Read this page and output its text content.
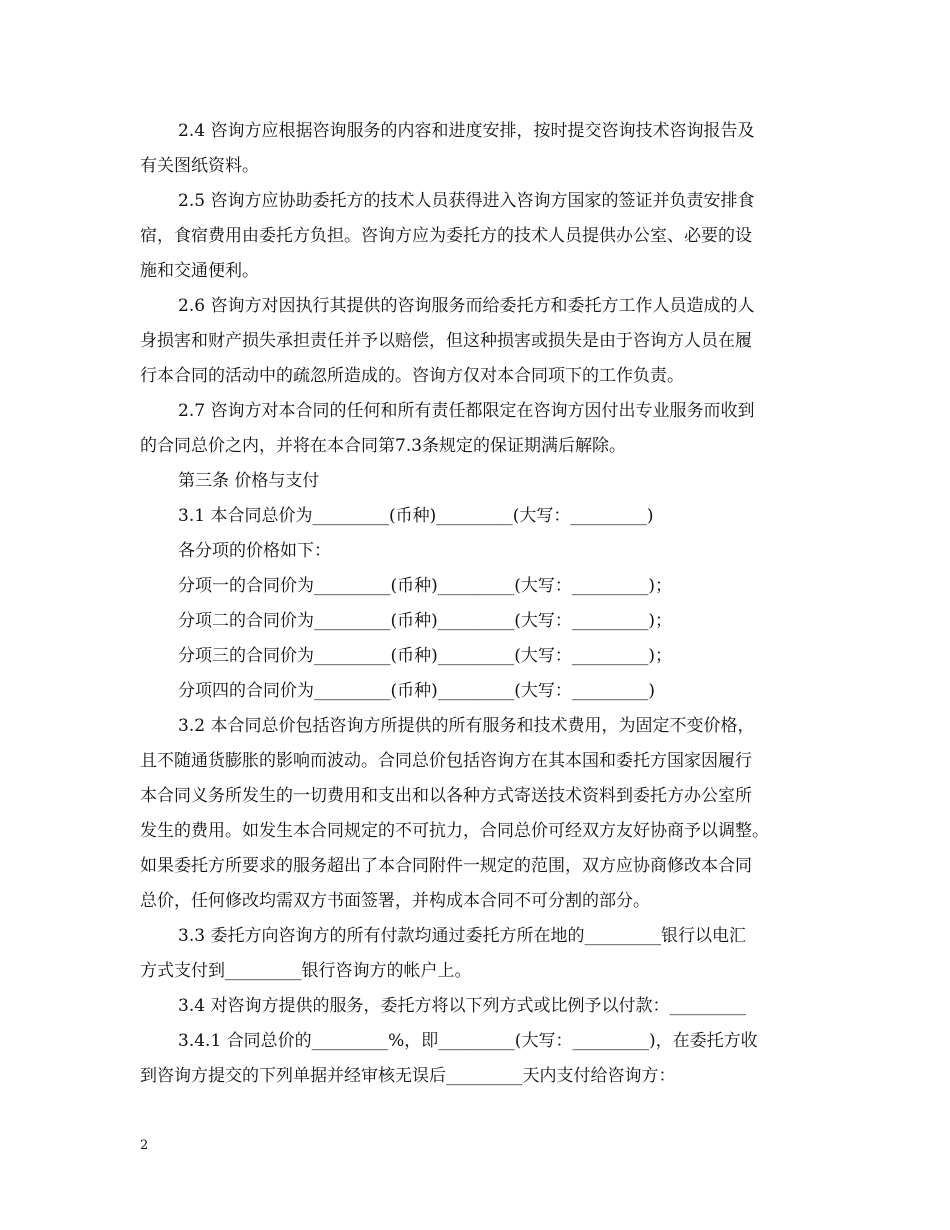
2.4 咨询方应根据咨询服务的内容和进度安排，按时提交咨询技术咨询报告及
有关图纸资料。
2.5 咨询方应协助委托方的技术人员获得进入咨询方国家的签证并负责安排食
宿，食宿费用由委托方负担。咨询方应为委托方的技术人员提供办公室、必要的设
施和交通便利。
2.6 咨询方对因执行其提供的咨询服务而给委托方和委托方工作人员造成的人
身损害和财产损失承担责任并予以赔偿，但这种损害或损失是由于咨询方人员在履
行本合同的活动中的疏忽所造成的。咨询方仅对本合同项下的工作负责。
2.7 咨询方对本合同的任何和所有责任都限定在咨询方因付出专业服务而收到
的合同总价之内，并将在本合同第7.3条规定的保证期满后解除。
第三条 价格与支付
3.1 本合同总价为_________(币种)_________(大写：_________)
各分项的价格如下：
分项一的合同价为_________(币种)_________(大写：_________)；
分项二的合同价为_________(币种)_________(大写：_________)；
分项三的合同价为_________(币种)_________(大写：_________)；
分项四的合同价为_________(币种)_________(大写：_________)
3.2 本合同总价包括咨询方所提供的所有服务和技术费用，为固定不变价格，
且不随通货膨胀的影响而波动。合同总价包括咨询方在其本国和委托方国家因履行
本合同义务所发生的一切费用和支出和以各种方式寄送技术资料到委托方办公室所
发生的费用。如发生本合同规定的不可抗力，合同总价可经双方友好协商予以调整。
如果委托方所要求的服务超出了本合同附件一规定的范围，双方应协商修改本合同
总价，任何修改均需双方书面签署，并构成本合同不可分割的部分。
3.3 委托方向咨询方的所有付款均通过委托方所在地的_________银行以电汇
方式支付到_________银行咨询方的帐户上。
3.4 对咨询方提供的服务，委托方将以下列方式或比例予以付款：_________
3.4.1 合同总价的_________%，即_________(大写：_________)，在委托方收
到咨询方提交的下列单据并经审核无误后_________天内支付给咨询方：
2
